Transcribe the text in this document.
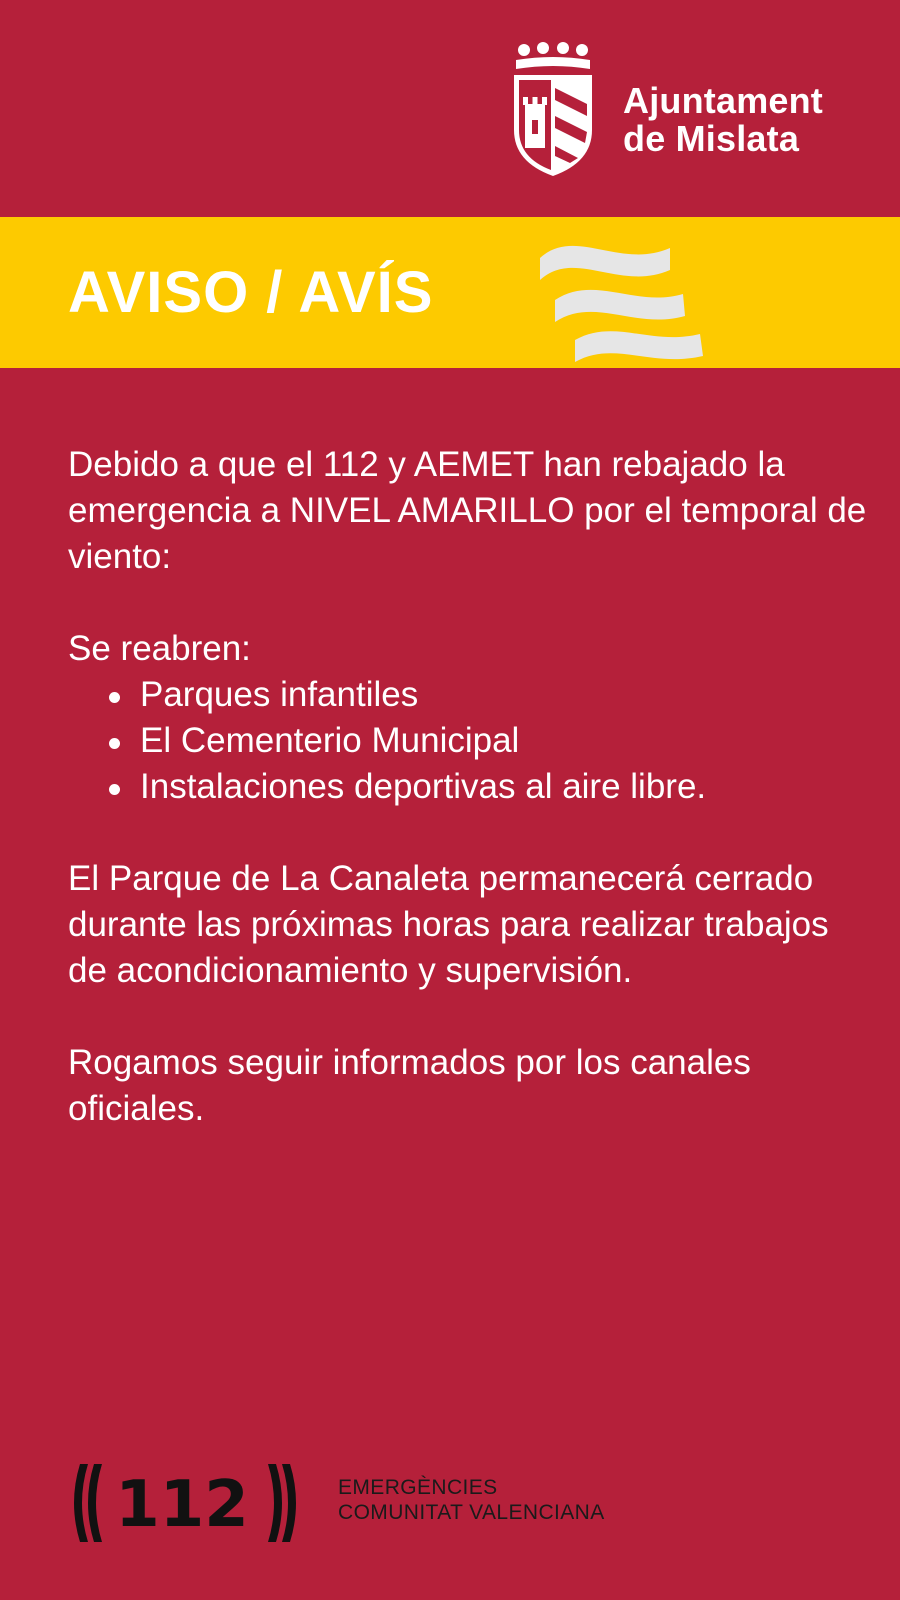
Ajuntament
de Mislata
AVISO / AVÍS

Debido a que el 112 y AEMET han rebajado la emergencia a NIVEL AMARILLO por el temporal de viento:

Se reabren:

Parques infantiles
El Cementerio Municipal
Instalaciones deportivas al aire libre.

El Parque de La Canaleta permanecerá cerrado durante las próximas horas para realizar trabajos de acondicionamiento y supervisión.

Rogamos seguir informados por los canales oficiales.

112	EMERGÈNCIES
COMUNITAT VALENCIANA
